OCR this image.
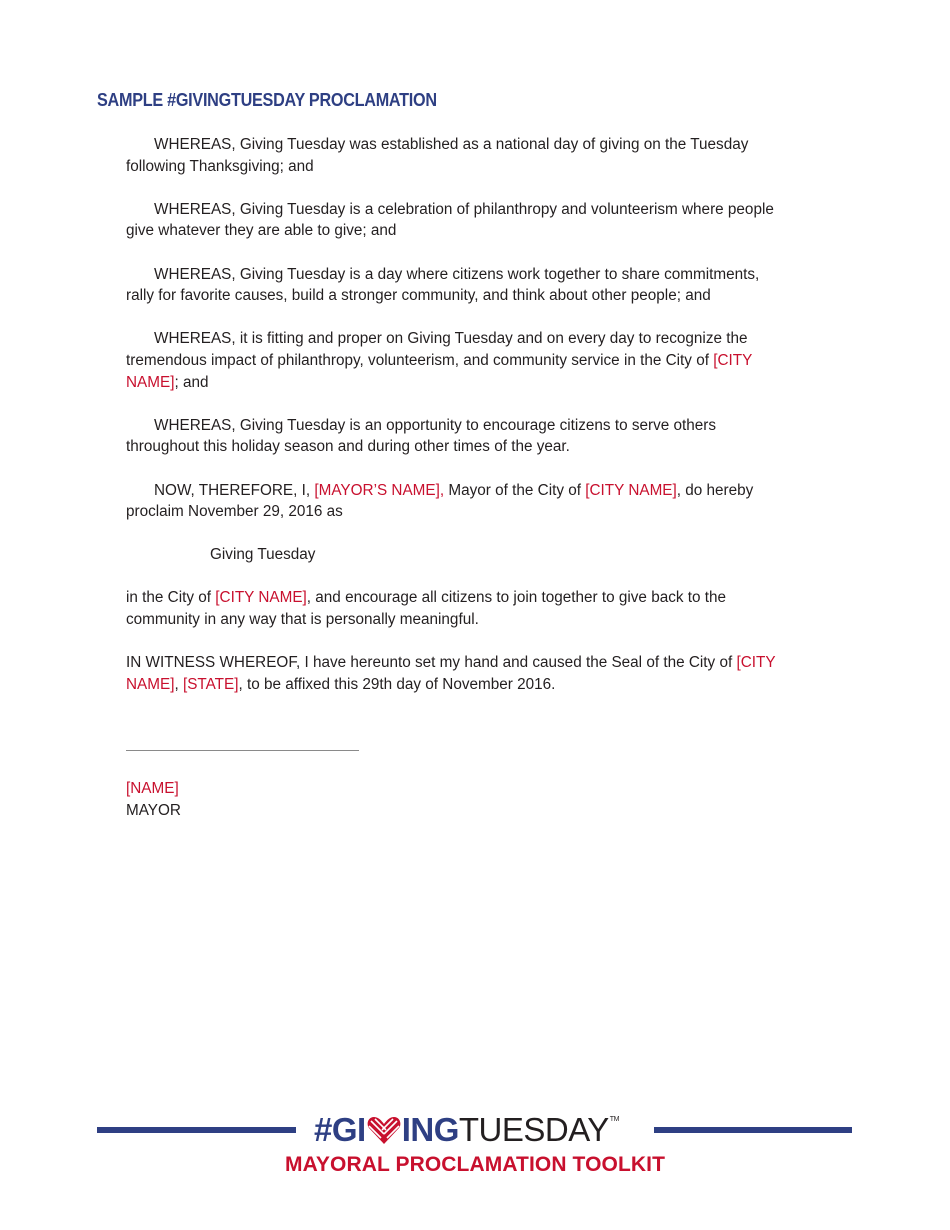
SAMPLE #GIVINGTUESDAY PROCLAMATION

WHEREAS, Giving Tuesday was established as a national day of giving on the Tuesday following Thanksgiving; and

WHEREAS, Giving Tuesday is a celebration of philanthropy and volunteerism where people give whatever they are able to give; and

WHEREAS, Giving Tuesday is a day where citizens work together to share commitments, rally for favorite causes, build a stronger community, and think about other people; and

WHEREAS, it is fitting and proper on Giving Tuesday and on every day to recognize the tremendous impact of philanthropy, volunteerism, and community service in the City of [CITY NAME]; and

WHEREAS, Giving Tuesday is an opportunity to encourage citizens to serve others throughout this holiday season and during other times of the year.

NOW, THEREFORE, I, [MAYOR’S NAME], Mayor of the City of [CITY NAME], do hereby proclaim November 29, 2016 as

Giving Tuesday

in the City of [CITY NAME], and encourage all citizens to join together to give back to the community in any way that is personally meaningful.

IN WITNESS WHEREOF, I have hereunto set my hand and caused the Seal of the City of [CITY NAME], [STATE], to be affixed this 29th day of November 2016.

[NAME]
MAYOR
#GI ING TUESDAY TM
MAYORAL PROCLAMATION TOOLKIT
